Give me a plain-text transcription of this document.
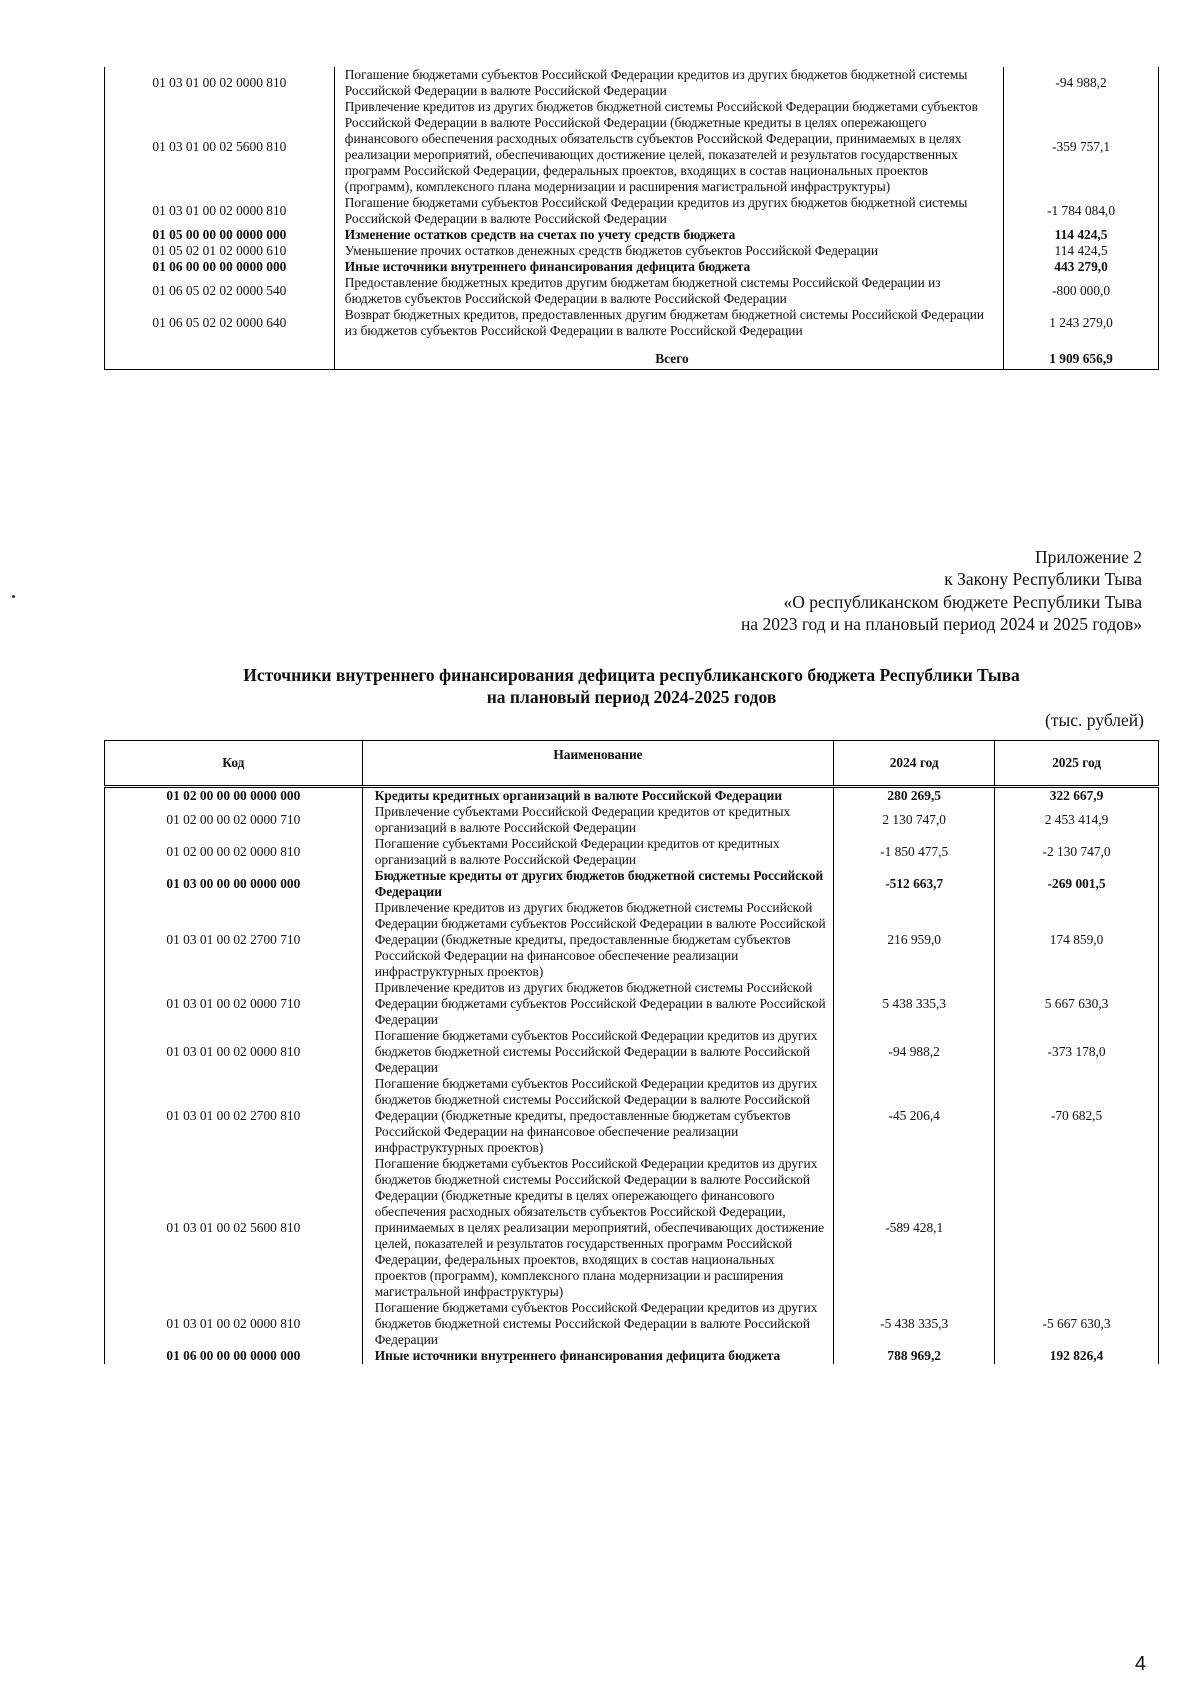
01 03 01 00 02 0000 810	Погашение бюджетами субъектов Российской Федерации кредитов из других бюджетов бюджетной системы Российской Федерации в валюте Российской Федерации	-94 988,2
01 03 01 00 02 5600 810	Привлечение кредитов из других бюджетов бюджетной системы Российской Федерации бюджетами субъектов Российской Федерации в валюте Российской Федерации (бюджетные кредиты в целях опережающего финансового обеспечения расходных обязательств субъектов Российской Федерации, принимаемых в целях реализации мероприятий, обеспечивающих достижение целей, показателей и результатов государственных программ Российской Федерации, федеральных проектов, входящих в состав национальных проектов (программ), комплексного плана модернизации и расширения магистральной инфраструктуры)	-359 757,1
01 03 01 00 02 0000 810	Погашение бюджетами субъектов Российской Федерации кредитов из других бюджетов бюджетной системы Российской Федерации в валюте Российской Федерации	-1 784 084,0
01 05 00 00 00 0000 000	Изменение остатков средств на счетах по учету средств бюджета	114 424,5
01 05 02 01 02 0000 610	Уменьшение прочих остатков денежных средств бюджетов субъектов Российской Федерации	114 424,5
01 06 00 00 00 0000 000	Иные источники внутреннего финансирования дефицита бюджета	443 279,0
01 06 05 02 02 0000 540	Предоставление бюджетных кредитов другим бюджетам бюджетной системы Российской Федерации из бюджетов субъектов Российской Федерации в валюте Российской Федерации	-800 000,0
01 06 05 02 02 0000 640	Возврат бюджетных кредитов, предоставленных другим бюджетам бюджетной системы Российской Федерации из бюджетов субъектов Российской Федерации в валюте Российской Федерации	1 243 279,0

	Всего	1 909 656,9
Приложение 2
к Закону Республики Тыва
«О республиканском бюджете Республики Тыва
на 2023 год и на плановый период 2024 и 2025 годов»
Источники внутреннего финансирования дефицита республиканского бюджета Республики Тыва
на плановый период 2024-2025 годов
(тыс. рублей)
Код	Наименование	2024 год	2025 год
01 02 00 00 00 0000 000	Кредиты кредитных организаций в валюте Российской Федерации	280 269,5	322 667,9
01 02 00 00 02 0000 710	Привлечение субъектами Российской Федерации кредитов от кредитных организаций в валюте Российской Федерации	2 130 747,0	2 453 414,9
01 02 00 00 02 0000 810	Погашение субъектами Российской Федерации кредитов от кредитных организаций в валюте Российской Федерации	-1 850 477,5	-2 130 747,0
01 03 00 00 00 0000 000	Бюджетные кредиты от других бюджетов бюджетной системы Российской Федерации	-512 663,7	-269 001,5
01 03 01 00 02 2700 710	Привлечение кредитов из других бюджетов бюджетной системы Российской Федерации бюджетами субъектов Российской Федерации в валюте Российской Федерации (бюджетные кредиты, предоставленные бюджетам субъектов Российской Федерации на финансовое обеспечение реализации инфраструктурных проектов)	216 959,0	174 859,0
01 03 01 00 02 0000 710	Привлечение кредитов из других бюджетов бюджетной системы Российской Федерации бюджетами субъектов Российской Федерации в валюте Российской Федерации	5 438 335,3	5 667 630,3
01 03 01 00 02 0000 810	Погашение бюджетами субъектов Российской Федерации кредитов из других бюджетов бюджетной системы Российской Федерации в валюте Российской Федерации	-94 988,2	-373 178,0
01 03 01 00 02 2700 810	Погашение бюджетами субъектов Российской Федерации кредитов из других бюджетов бюджетной системы Российской Федерации в валюте Российской Федерации (бюджетные кредиты, предоставленные бюджетам субъектов Российской Федерации на финансовое обеспечение реализации инфраструктурных проектов)	-45 206,4	-70 682,5
01 03 01 00 02 5600 810	Погашение бюджетами субъектов Российской Федерации кредитов из других бюджетов бюджетной системы Российской Федерации в валюте Российской Федерации (бюджетные кредиты в целях опережающего финансового обеспечения расходных обязательств субъектов Российской Федерации, принимаемых в целях реализации мероприятий, обеспечивающих достижение целей, показателей и результатов государственных программ Российской Федерации, федеральных проектов, входящих в состав национальных проектов (программ), комплексного плана модернизации и расширения магистральной инфраструктуры)	-589 428,1	
01 03 01 00 02 0000 810	Погашение бюджетами субъектов Российской Федерации кредитов из других бюджетов бюджетной системы Российской Федерации в валюте Российской Федерации	-5 438 335,3	-5 667 630,3
01 06 00 00 00 0000 000	Иные источники внутреннего финансирования дефицита бюджета	788 969,2	192 826,4
4
